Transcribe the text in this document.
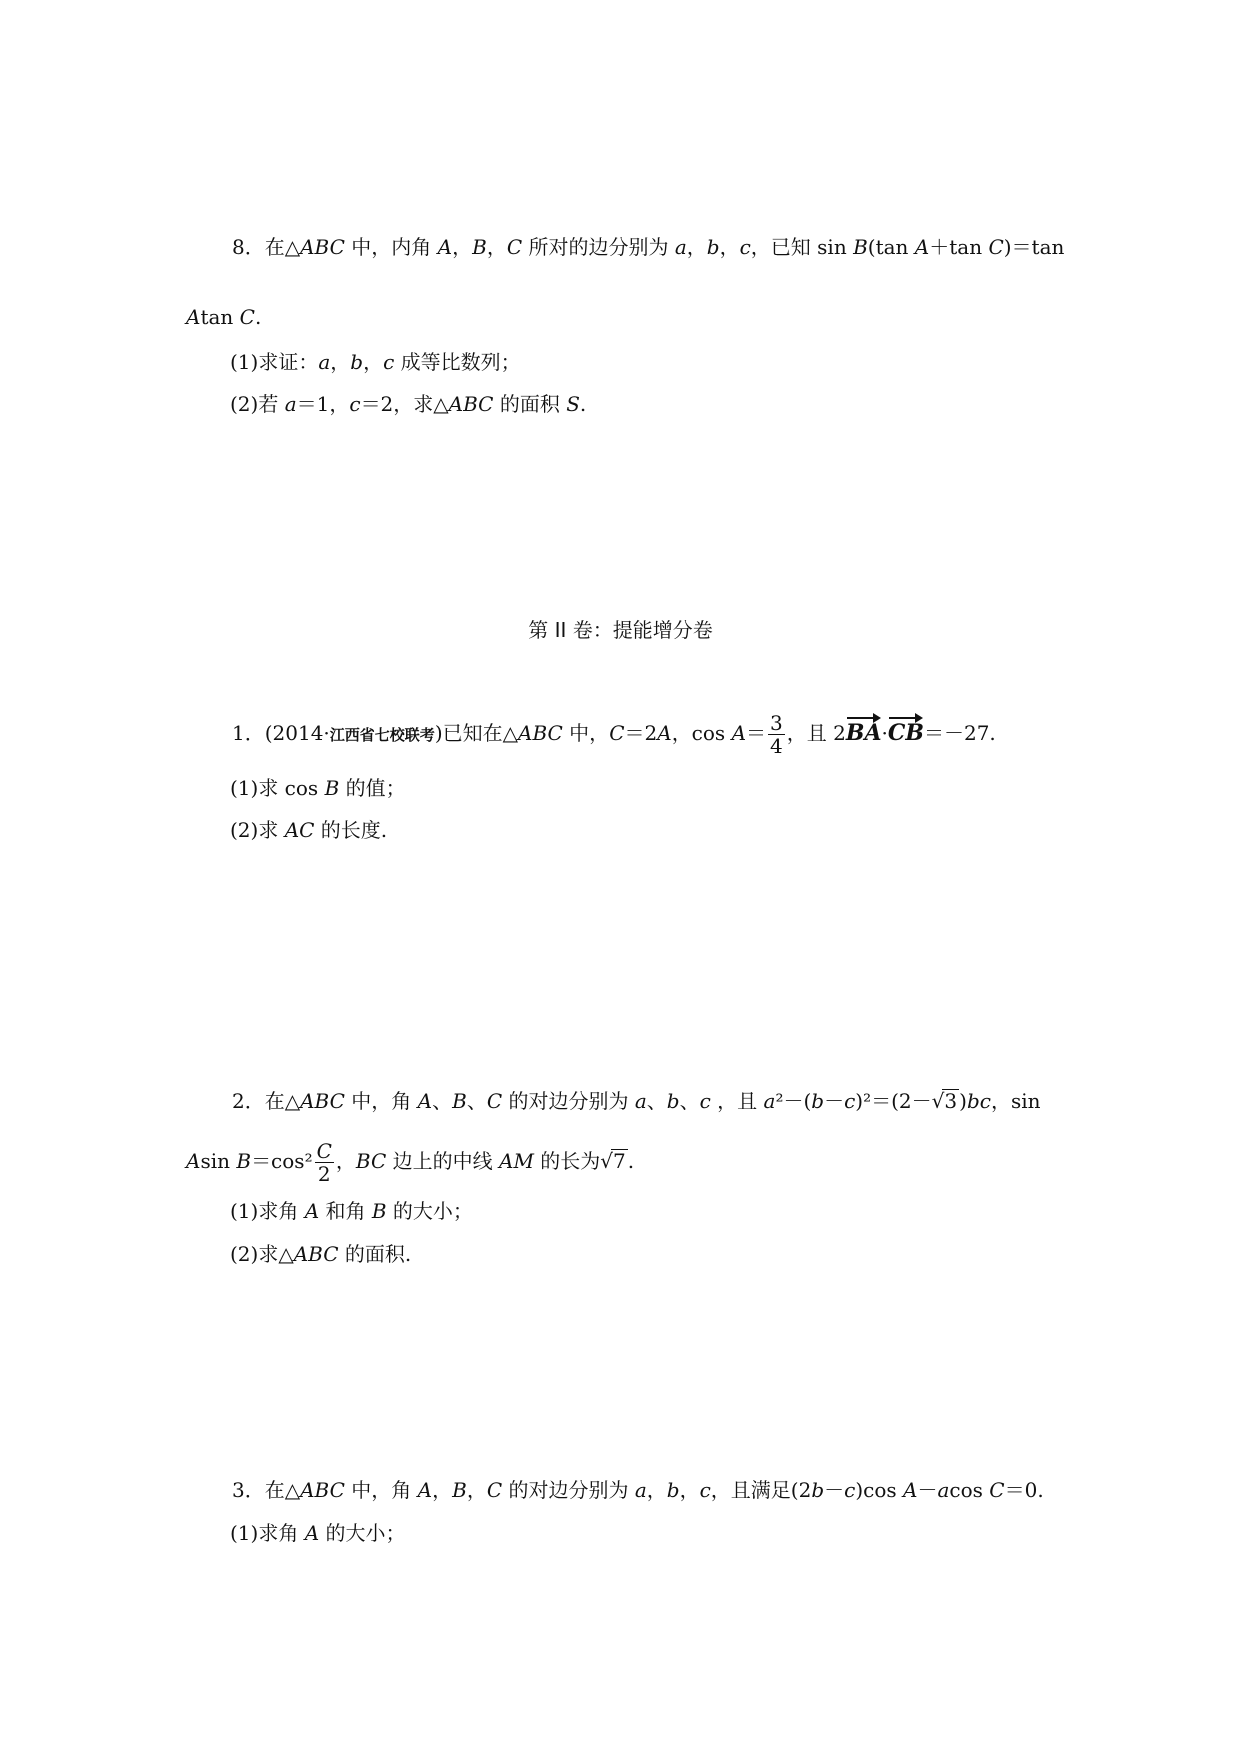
8．在△ABC 中，内角 A，B，C 所对的边分别为 a，b，c，已知 sin B(tan A＋tan C)＝tan
Atan C.
(1)求证：a，b，c 成等比数列；
(2)若 a＝1，c＝2，求△ABC 的面积 S.
第 II 卷：提能增分卷
1．(2014·江西省七校联考)已知在△ABC 中，C＝2A，$\cos A= \frac{3}{4}$ ，且 2BA·CB＝－27.
(1)求 cos B 的值；
(2)求 AC 的长度.
2．在△ABC 中，角 A、B、C 的对边分别为 a、b、c ，且 a²－(b－c)²＝(2－√3 )bc，sin
Asin $B=\cos^2 \frac{C}{2}$ ，BC 边上的中线 AM 的长为√7 .
(1)求角 A 和角 B 的大小；
(2)求△ABC 的面积.
3．在△ABC 中，角 A，B，C 的对边分别为 a，b，c，且满足(2b－c)cos A－acos C＝0.
(1)求角 A 的大小；
